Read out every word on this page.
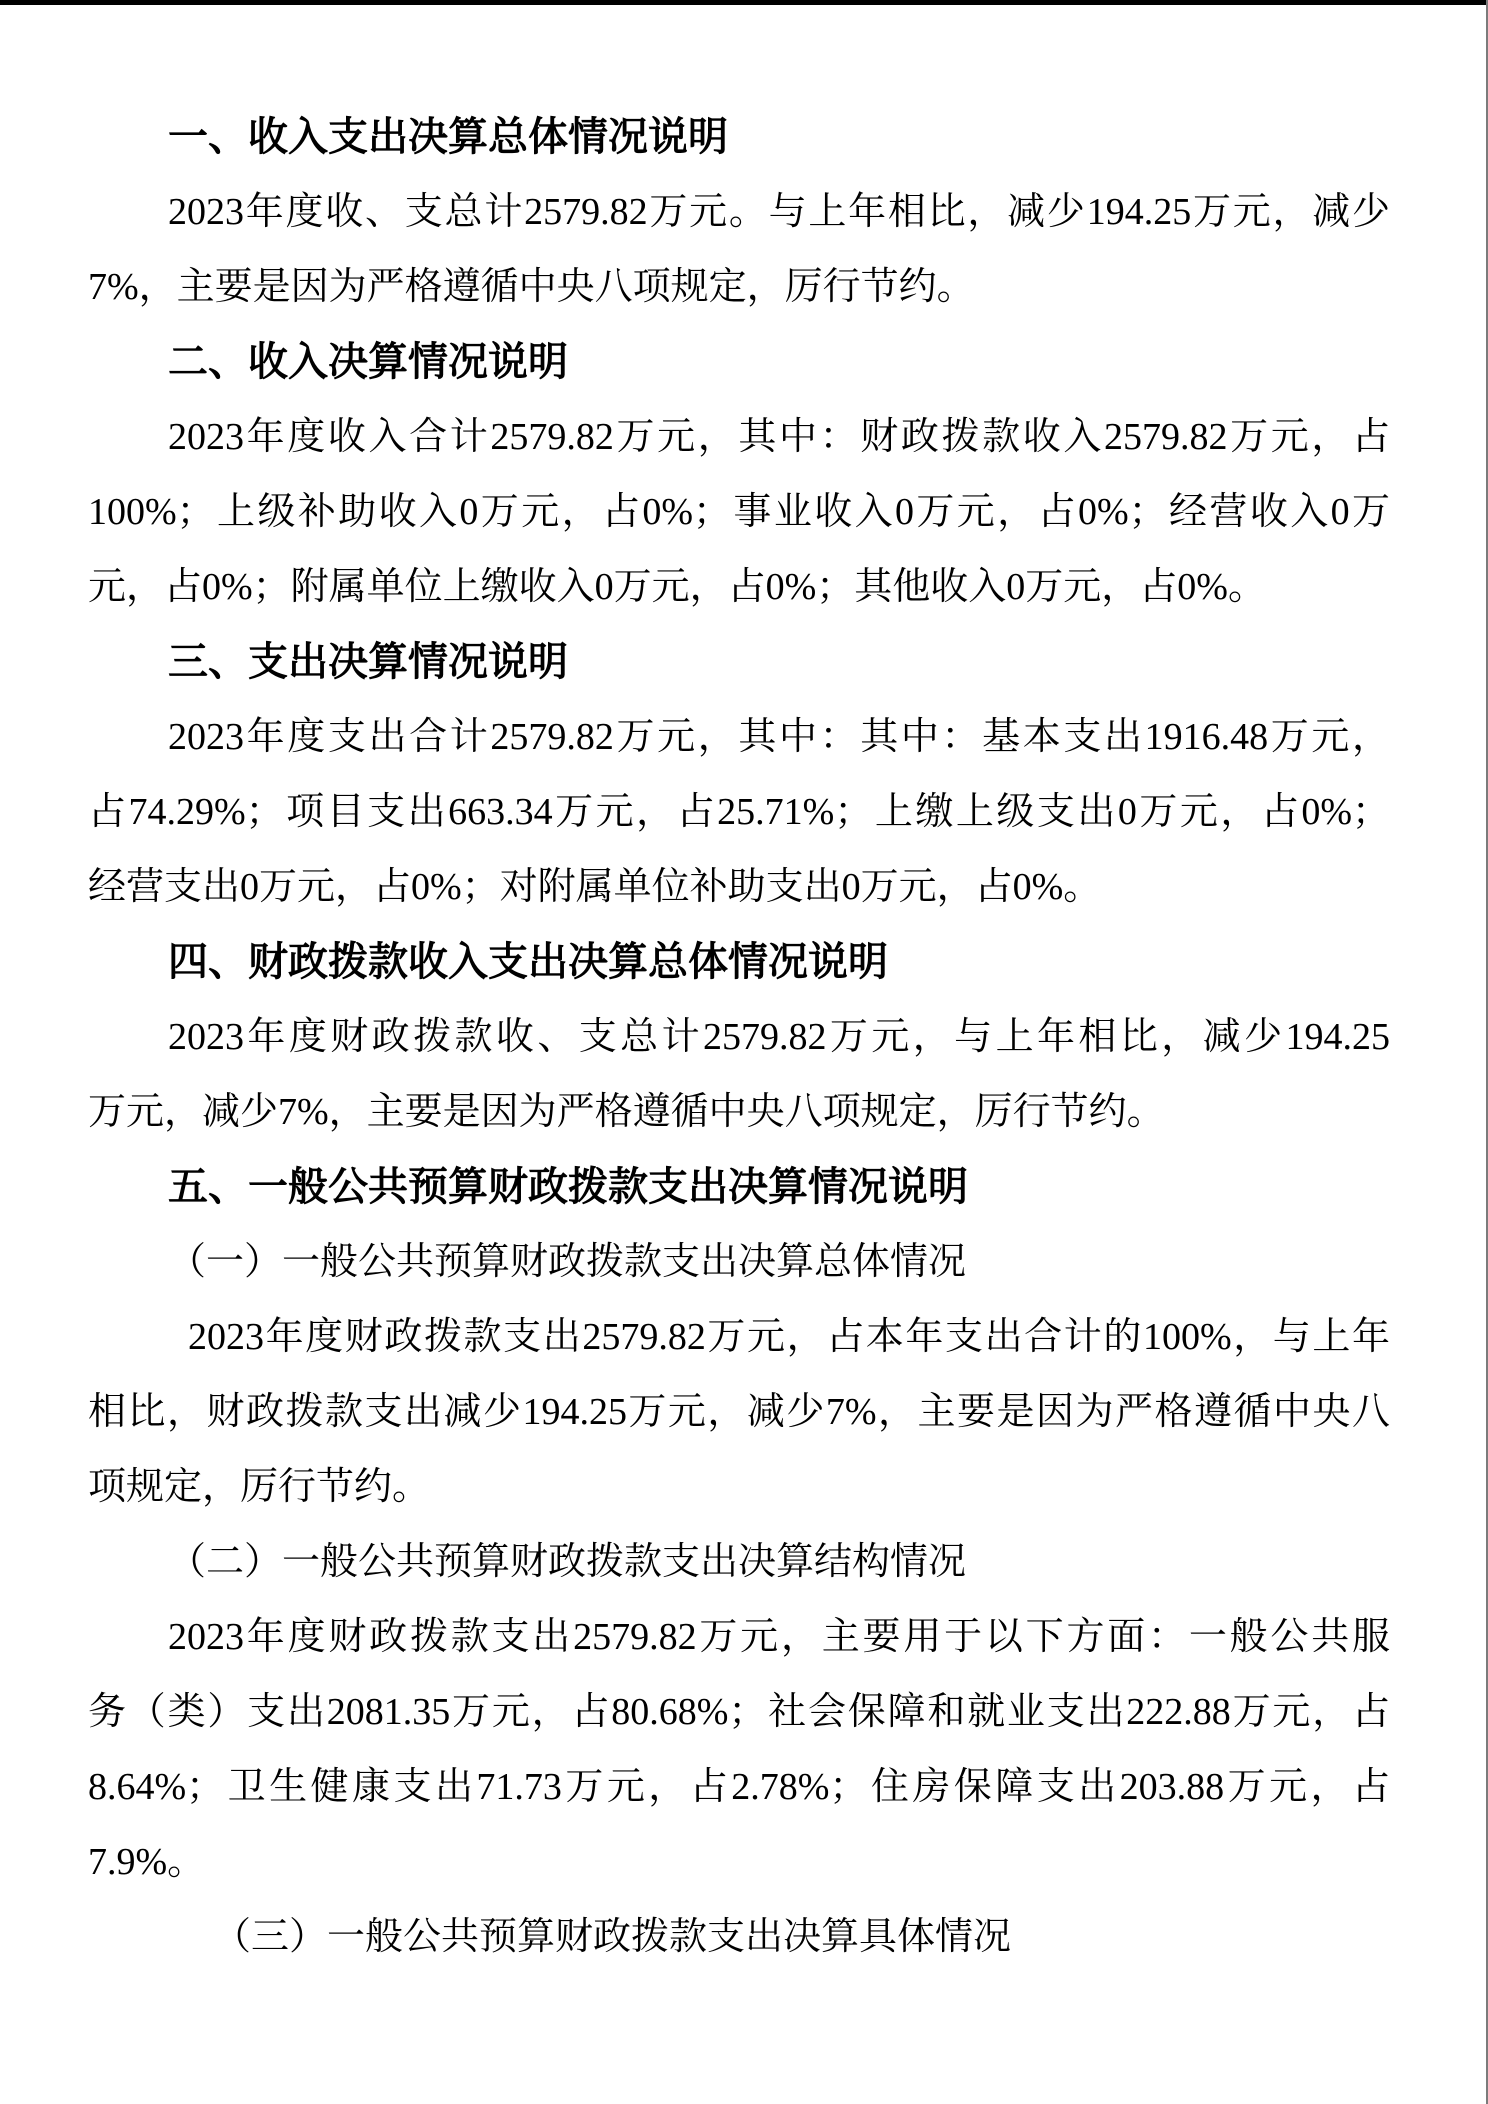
一、收入支出决算总体情况说明
2023年度收、支总计2579.82万元。与上年相比，减少194.25万元，减少
7%，主要是因为严格遵循中央八项规定，厉行节约。
二、收入决算情况说明
2023年度收入合计2579.82万元，其中：财政拨款收入2579.82万元，占
100%；上级补助收入0万元，占0%；事业收入0万元，占0%；经营收入0万
元，占0%；附属单位上缴收入0万元，占0%；其他收入0万元，占0%。
三、支出决算情况说明
2023年度支出合计2579.82万元，其中：其中：基本支出1916.48万元，
占74.29%；项目支出663.34万元，占25.71%；上缴上级支出0万元，占0%；
经营支出0万元，占0%；对附属单位补助支出0万元，占0%。
四、财政拨款收入支出决算总体情况说明
2023年度财政拨款收、支总计2579.82万元，与上年相比，减少194.25
万元，减少7%，主要是因为严格遵循中央八项规定，厉行节约。
五、一般公共预算财政拨款支出决算情况说明
（一）一般公共预算财政拨款支出决算总体情况
2023年度财政拨款支出2579.82万元，占本年支出合计的100%，与上年
相比，财政拨款支出减少194.25万元，减少7%，主要是因为严格遵循中央八
项规定，厉行节约。
（二）一般公共预算财政拨款支出决算结构情况
2023年度财政拨款支出2579.82万元，主要用于以下方面：一般公共服
务（类）支出2081.35万元，占80.68%；社会保障和就业支出222.88万元，占
8.64%；卫生健康支出71.73万元，占2.78%；住房保障支出203.88万元，占
7.9%。
（三）一般公共预算财政拨款支出决算具体情况
